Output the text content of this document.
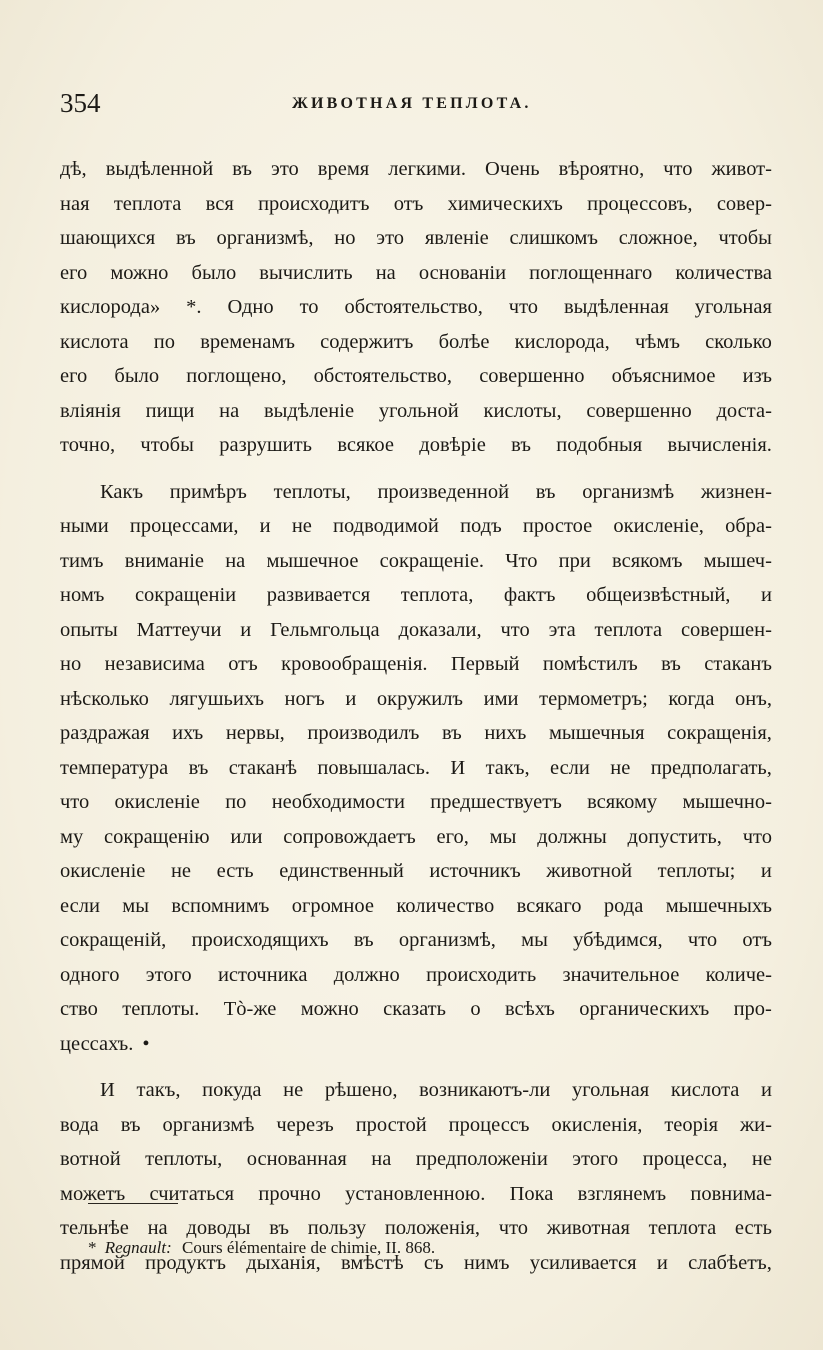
354	ЖИВОТНАЯ ТЕПЛОТА.
дѣ, выдѣленной въ это время легкими. Очень вѣроятно, что живот-
ная теплота вся происходитъ отъ химическихъ процессовъ, совер-
шающихся въ организмѣ, но это явленіе слишкомъ сложное, чтобы
его можно было вычислить на основаніи поглощеннаго количества
кислорода» *. Одно то обстоятельство, что выдѣленная угольная
кислота по временамъ содержитъ болѣе кислорода, чѣмъ сколько
его было поглощено, обстоятельство, совершенно объяснимое изъ
вліянія пищи на выдѣленіе угольной кислоты, совершенно доста-
точно, чтобы разрушить всякое довѣріе въ подобныя вычисленія.
Какъ примѣръ теплоты, произведенной въ организмѣ жизнен-
ными процессами, и не подводимой подъ простое окисленіе, обра-
тимъ вниманіе на мышечное сокращеніе. Что при всякомъ мышеч-
номъ сокращеніи развивается теплота, фактъ общеизвѣстный, и
опыты Маттеучи и Гельмгольца доказали, что эта теплота совершен-
но независима отъ кровообращенія. Первый помѣстилъ въ стаканъ
нѣсколько лягушьихъ ногъ и окружилъ ими термометръ; когда онъ,
раздражая ихъ нервы, производилъ въ нихъ мышечныя сокращенія,
температура въ стаканѣ повышалась. И такъ, если не предполагать,
что окисленіе по необходимости предшествуетъ всякому мышечно-
му сокращенію или сопровождаетъ его, мы должны допустить, что
окисленіе не есть единственный источникъ животной теплоты; и
если мы вспомнимъ огромное количество всякаго рода мышечныхъ
сокращеній, происходящихъ въ организмѣ, мы убѣдимся, что отъ
одного этого источника должно происходить значительное количе-
ство теплоты. Tò-же можно сказать о всѣхъ органическихъ про-
цессахъ. •
И такъ, покуда не рѣшено, возникаютъ-ли угольная кислота и
вода въ организмѣ черезъ простой процессъ окисленія, теорія жи-
вотной теплоты, основанная на предположеніи этого процесса, не
можетъ считаться прочно установленною. Пока взглянемъ повнима-
тельнѣе на доводы въ пользу положенія, что животная теплота есть
прямой продуктъ дыханія, вмѣстѣ съ нимъ усиливается и слабѣетъ,
* Regnault: Cours élémentaire de chimie, II. 868.
